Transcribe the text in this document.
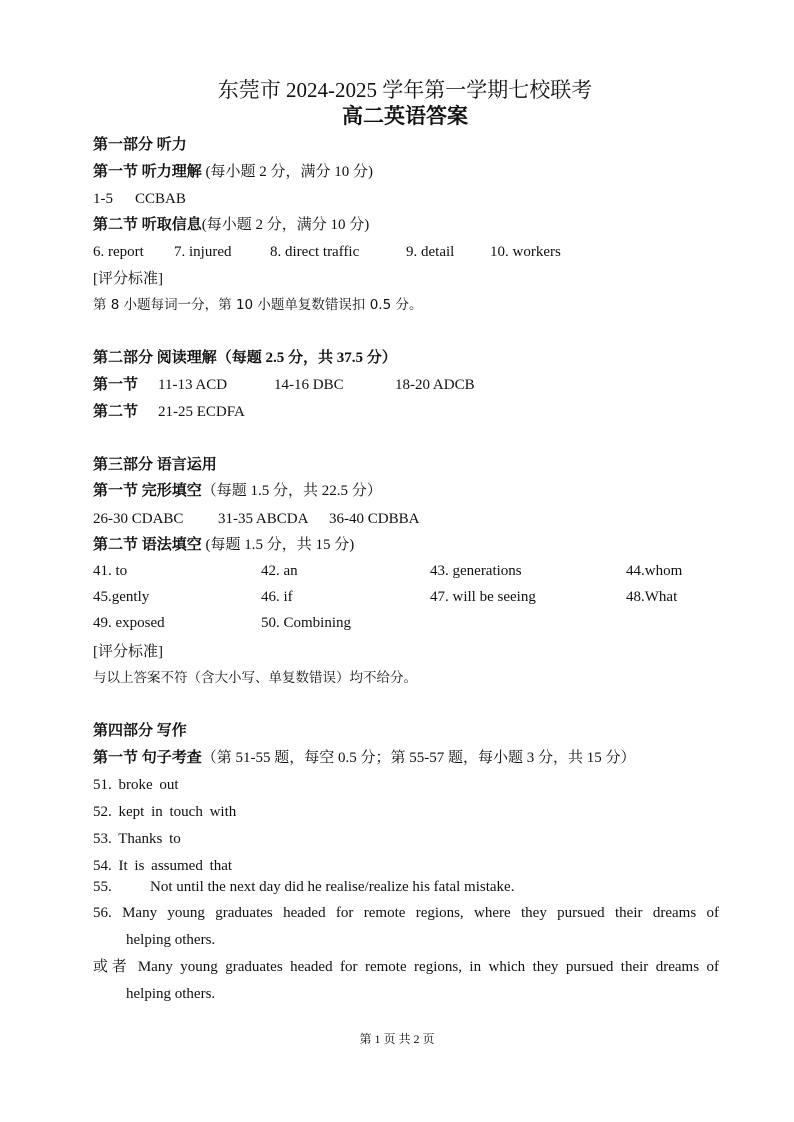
东莞市 2024-2025 学年第一学期七校联考
高二英语答案
第一部分 听力
第一节 听力理解 (每小题 2 分，满分 10 分)
1-5 CCBAB
第二节 听取信息(每小题 2 分，满分 10 分)
6. report 7. injured	8. direct traffic	9. detail 10. workers
[评分标准]
第 8 小题每词一分，第 10 小题单复数错误扣 0.5 分。
第二部分 阅读理解（每题 2.5 分，共 37.5 分）
第一节 11-13 ACD	14-16 DBC	18-20 ADCB
第二节 21-25 ECDFA
第三部分 语言运用
第一节 完形填空（每题 1.5 分，共 22.5 分）
26-30 CDABC 31-35 ABCDA 36-40 CDBBA
第二节 语法填空 (每题 1.5 分，共 15 分)
41. to	42. an	43. generations	44.whom
45.gently	46. if	47. will be seeing	48.What
49. exposed	50. Combining
[评分标准]
与以上答案不符（含大小写、单复数错误）均不给分。
第四部分 写作
第一节 句子考查（第 51-55 题，每空 0.5 分；第 55-57 题，每小题 3 分，共 15 分）
51. broke out
52. kept in touch with
53. Thanks to
54. It is assumed that
55.	Not until the next day did he realise/realize his fatal mistake.
56. Many young graduates headed for remote regions, where they pursued their dreams of
helping others.
或者 Many young graduates headed for remote regions, in which they pursued their dreams of
helping others.
第 1 页 共 2 页
